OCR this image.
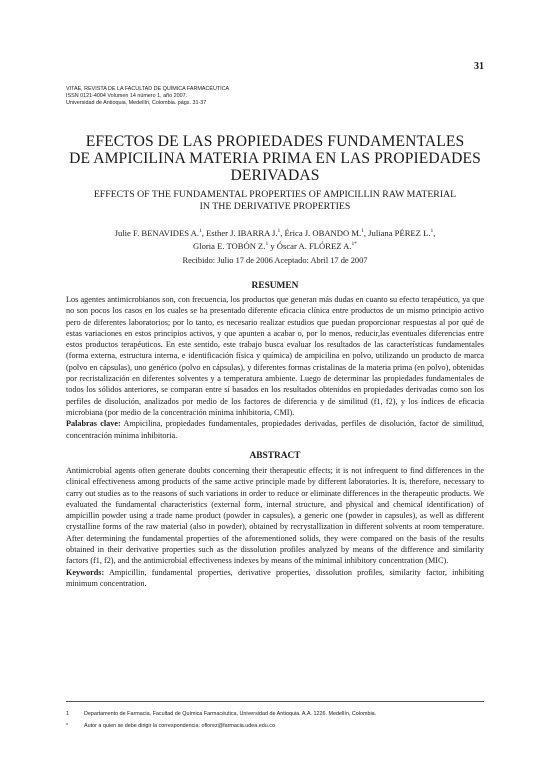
31
VITAE, REVISTA DE LA FACULTAD DE QUÍMICA FARMACÉUTICA
ISSN 0121-4004 Volumen 14 número 1, año 2007.
Universidad de Antioquia, Medellín, Colombia. págs. 31-37
EFECTOS DE LAS PROPIEDADES FUNDAMENTALES
DE AMPICILINA MATERIA PRIMA EN LAS PROPIEDADES
DERIVADAS
EFFECTS OF THE FUNDAMENTAL PROPERTIES OF AMPICILLIN RAW MATERIAL
IN THE DERIVATIVE PROPERTIES
Julie F. BENAVIDES A.$^1$, Esther J. IBARRA J.$^1$, Érica J. OBANDO M.$^1$, Juliana PÉREZ L.$^1$,
Gloria E. TOBÓN Z.$^1$ y Óscar A. FLÓREZ A.$^{1*}$
Recibido: Julio 17 de 2006 Aceptado: Abril 17 de 2007
RESUMEN
Los agentes antimicrobianos son, con frecuencia, los productos que generan más dudas en cuanto su efecto terapéutico, ya que no son pocos los casos en los cuales se ha presentado diferente eficacia clínica entre productos de un mismo principio activo pero de diferentes laboratorios; por lo tanto, es necesario realizar estudios que puedan proporcionar respuestas al por qué de estas variaciones en estos principios activos, y que apunten a acabar o, por lo menos, reducir,las eventuales diferencias entre estos productos terapéuticos. En este sentido, este trabajo busca evaluar los resultados de las características fundamentales (forma externa, estructura interna, e identificación física y química) de ampicilina en polvo, utilizando un producto de marca (polvo en cápsulas), uno genérico (polvo en cápsulas), y diferentes formas cristalinas de la materia prima (en polvo), obtenidas por recristalización en diferentes solventes y a temperatura ambiente. Luego de determinar las propiedades fundamentales de todos los sólidos anteriores, se comparan entre sí basados en los resultados obtenidos en propiedades derivadas como son los perfiles de disolución, analizados por medio de los factores de diferencia y de similitud (f1, f2), y los índices de eficacia microbiana (por medio de la concentración mínima inhibitoria, CMI).
Palabras clave: Ampicilina, propiedades fundamentales, propiedades derivadas, perfiles de disolución, factor de similitud, concentración mínima inhibitoria.
ABSTRACT
Antimicrobial agents often generate doubts concerning their therapeutic effects; it is not infrequent to find differences in the clinical effectiveness among products of the same active principle made by different laboratories. It is, therefore, necessary to carry out studies as to the reasons of such variations in order to reduce or eliminate differences in the therapeutic products. We evaluated the fundamental characteristics (external form, internal structure, and physical and chemical identification) of ampicillin powder using a trade name product (powder in capsules), a generic one (powder in capsules), as well as different crystalline forms of the raw material (also in powder), obtained by recrystallization in different solvents at room temperature. After determining the fundamental properties of the aforementioned solids, they were compared on the basis of the results obtained in their derivative properties such as the dissolution profiles analyzed by means of the difference and similarity factors (f1, f2), and the antimicrobial effectiveness indexes by means of the minimal inhibitory concentration (MIC).
Keywords: Ampicillin, fundamental properties, derivative properties, dissolution profiles, similarity factor, inhibiting minimum concentration.
1	Departamento de Farmacia, Facultad de Química Farmacéutica, Universidad de Antioquia. A.A. 1226. Medellín, Colombia.
*	Autor a quien se debe dirigir la correspondencia: oflorez@farmacia.udea.edu.co
